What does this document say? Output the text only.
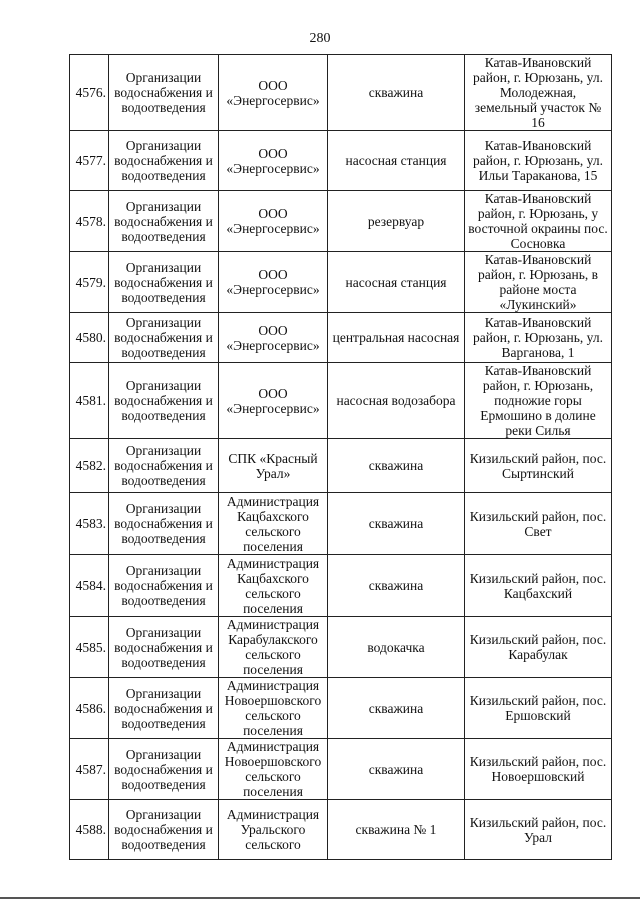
280
4576.	Организации водоснабжения и водоотведения	ООО «Энергосервис»	скважина	Катав-Ивановский район, г. Юрюзань, ул. Молодежная, земельный участок № 16
4577.	Организации водоснабжения и водоотведения	ООО «Энергосервис»	насосная станция	Катав-Ивановский район, г. Юрюзань, ул. Ильи Тараканова, 15
4578.	Организации водоснабжения и водоотведения	ООО «Энергосервис»	резервуар	Катав-Ивановский район, г. Юрюзань, у восточной окраины пос. Сосновка
4579.	Организации водоснабжения и водоотведения	ООО «Энергосервис»	насосная станция	Катав-Ивановский район, г. Юрюзань, в районе моста «Лукинский»
4580.	Организации водоснабжения и водоотведения	ООО «Энергосервис»	центральная насосная	Катав-Ивановский район, г. Юрюзань, ул. Варганова, 1
4581.	Организации водоснабжения и водоотведения	ООО «Энергосервис»	насосная водозабора	Катав-Ивановский район, г. Юрюзань, подножие горы Ермошино в долине реки Силья
4582.	Организации водоснабжения и водоотведения	СПК «Красный Урал»	скважина	Кизильский район, пос. Сыртинский
4583.	Организации водоснабжения и водоотведения	Администрация Кацбахского сельского поселения	скважина	Кизильский район, пос. Свет
4584.	Организации водоснабжения и водоотведения	Администрация Кацбахского сельского поселения	скважина	Кизильский район, пос. Кацбахский
4585.	Организации водоснабжения и водоотведения	Администрация Карабулакского сельского поселения	водокачка	Кизильский район, пос. Карабулак
4586.	Организации водоснабжения и водоотведения	Администрация Новоершовского сельского поселения	скважина	Кизильский район, пос. Ершовский
4587.	Организации водоснабжения и водоотведения	Администрация Новоершовского сельского поселения	скважина	Кизильский район, пос. Новоершовский
4588.	Организации водоснабжения и водоотведения	Администрация Уральского сельского	скважина № 1	Кизильский район, пос. Урал
